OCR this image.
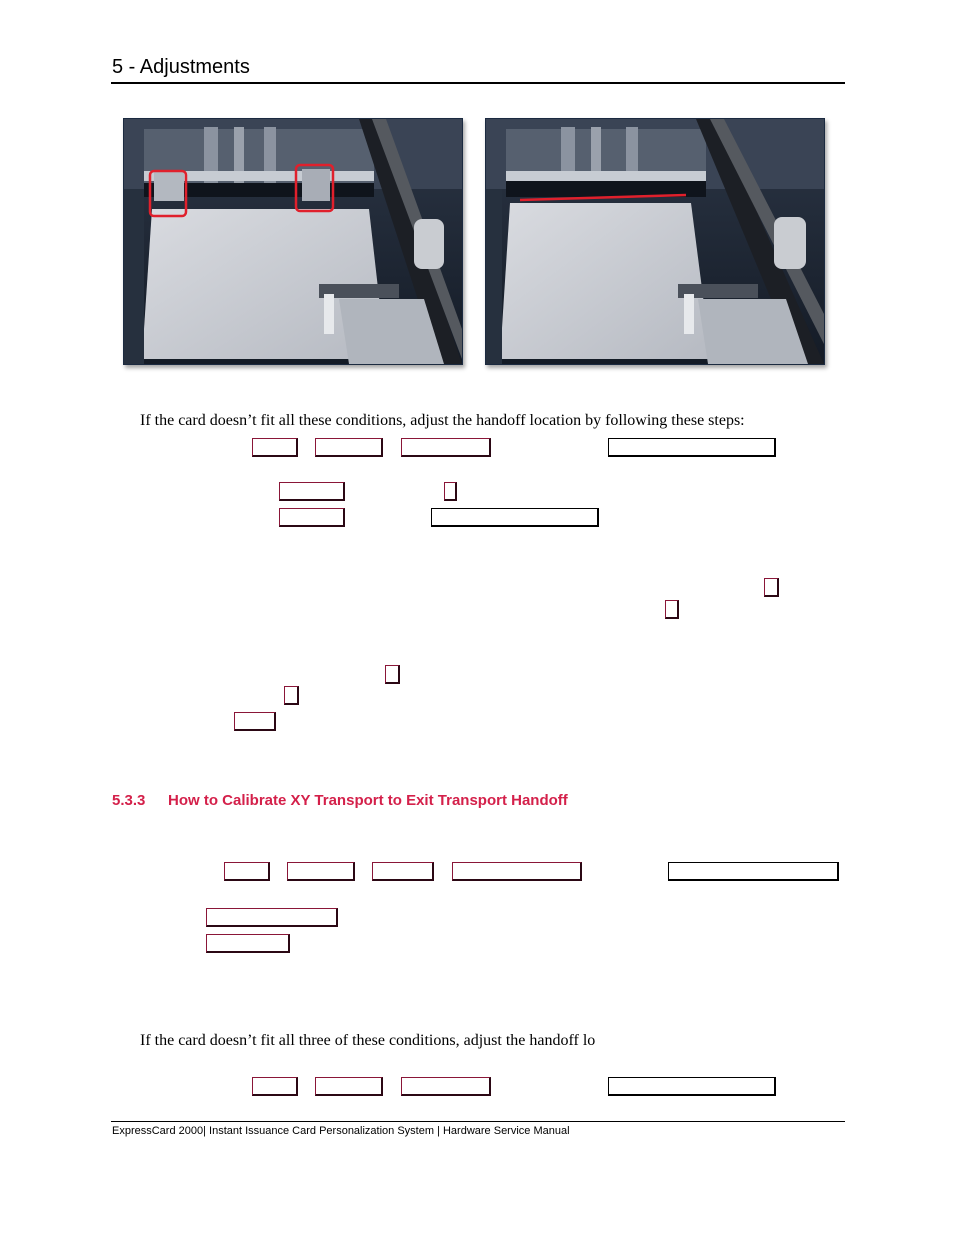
5 - Adjustments
If the card doesn’t fit all these conditions, adjust the handoff location by following these steps:
5.3.3 How to Calibrate XY Transport to Exit Transport Handoff
If the card doesn’t fit all three of these conditions, adjust the handoff lo
ExpressCard 2000| Instant Issuance Card Personalization System | Hardware Service Manual
